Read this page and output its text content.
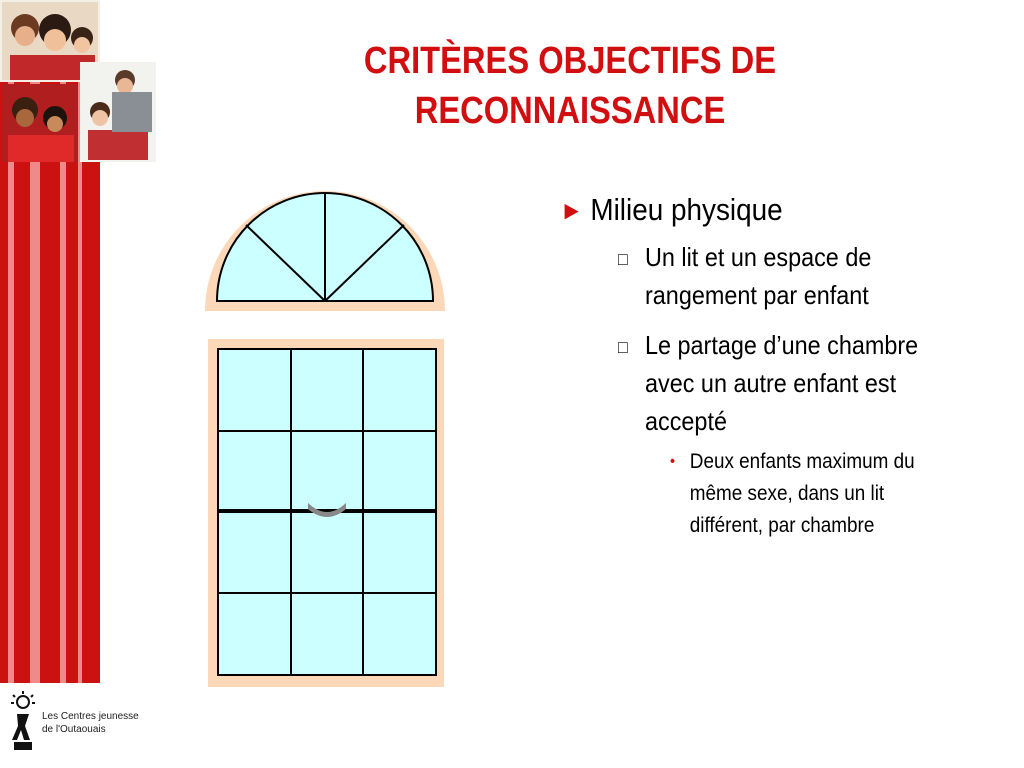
CRITÈRES OBJECTIFS DE
RECONNAISSANCE
► Milieu physique
□ Un lit et un espace de rangement par enfant
□ Le partage d’une chambre avec un autre enfant est accepté
• Deux enfants maximum du même sexe, dans un lit différent, par chambre
Les Centres jeunesse
de l'Outaouais
